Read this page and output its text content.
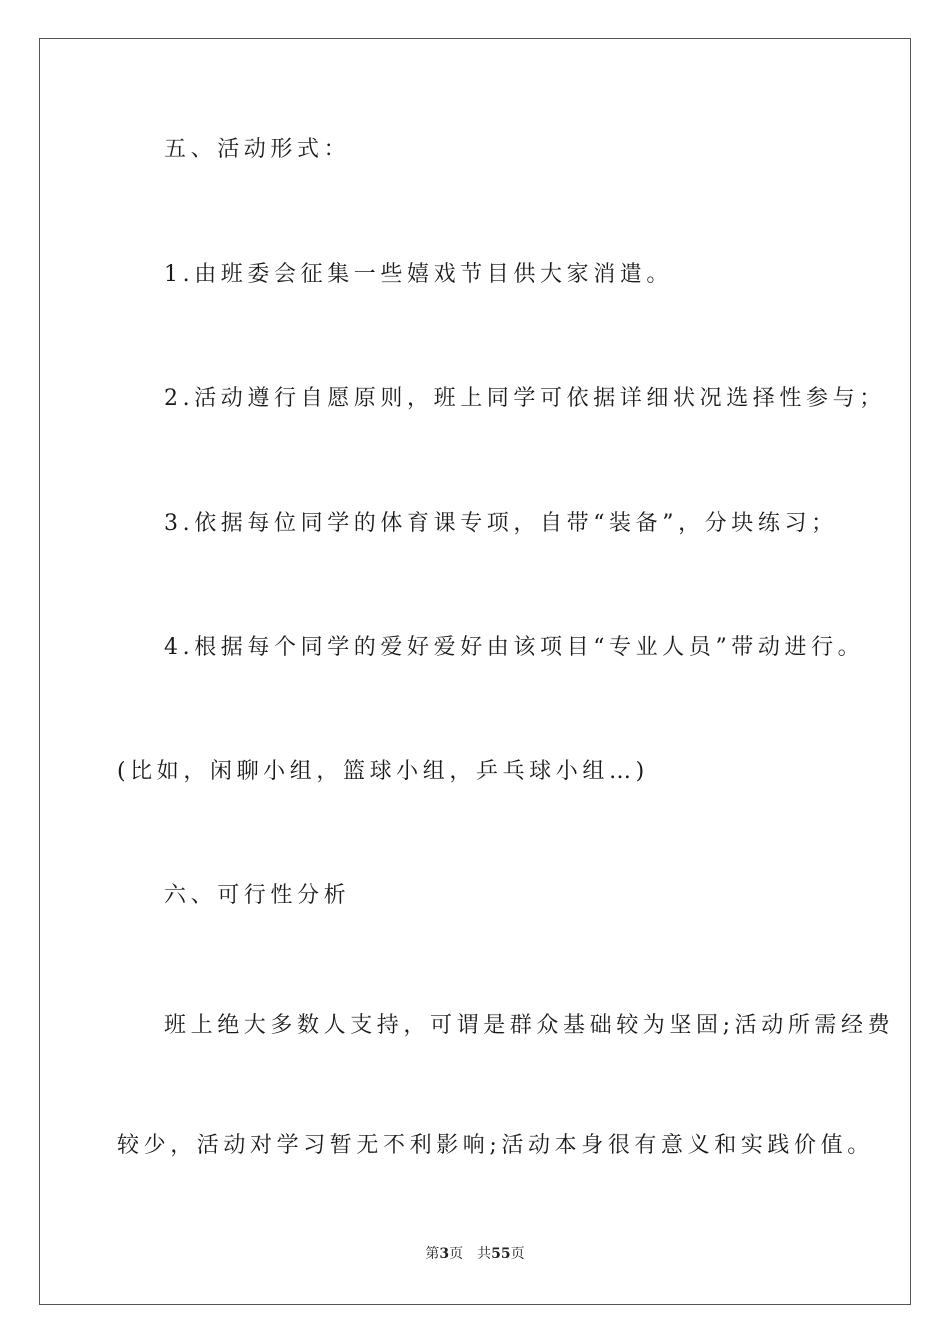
五、活动形式：
1.由班委会征集一些嬉戏节目供大家消遣。
2.活动遵行自愿原则，班上同学可依据详细状况选择性参与；
3.依据每位同学的体育课专项，自带“装备”，分块练习；
4.根据每个同学的爱好爱好由该项目“专业人员”带动进行。
(比如，闲聊小组，篮球小组，乒乓球小组…)
六、可行性分析
班上绝大多数人支持，可谓是群众基础较为坚固;活动所需经费
较少，活动对学习暂无不利影响;活动本身很有意义和实践价值。
第3页 共55页
